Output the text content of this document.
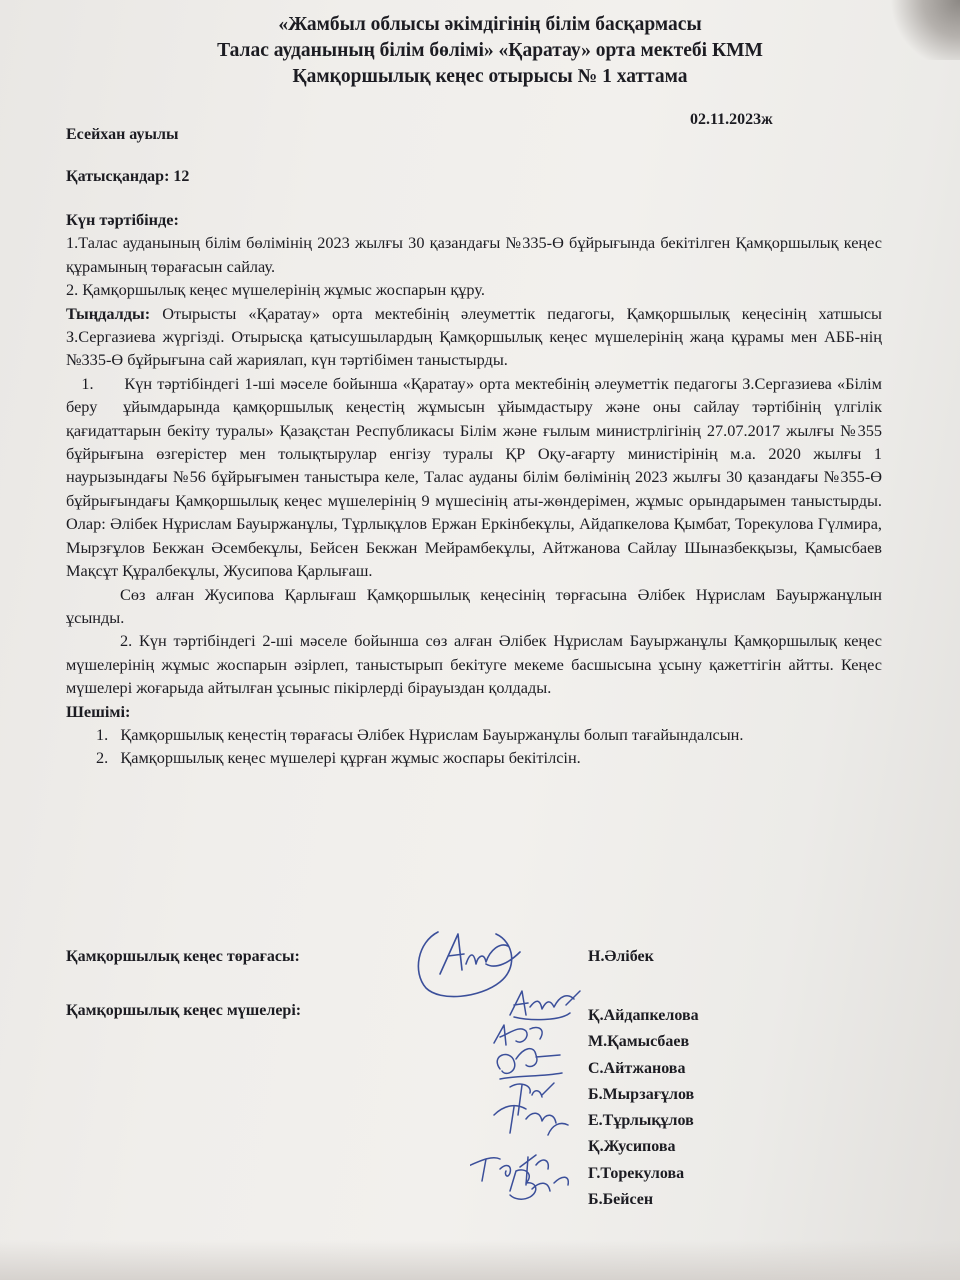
«Жамбыл облысы әкімдігінің білім басқармасы
Талас ауданының білім бөлімі» «Қаратау» орта мектебі КММ
Қамқоршылық кеңес отырысы № 1 хаттама
Есейхан ауылы
02.11.2023ж
Қатысқандар: 12

Күн тәртібінде:

1.Талас ауданының білім бөлімінің 2023 жылғы 30 қазандағы №335-Ө бұйрығында бекітілген Қамқоршылық кеңес құрамының төрағасын сайлау.

2. Қамқоршылық кеңес мүшелерінің жұмыс жоспарын құру.

Тыңдалды: Отырысты «Қаратау» орта мектебінің әлеуметтік педагогы, Қамқоршылық кеңесінің хатшысы З.Сергазиева жүргізді. Отырысқа қатысушылардың Қамқоршылық кеңес мүшелерінің жаңа құрамы мен АББ-нің №335-Ө бұйрығына сай жариялап, күн тәртібімен таныстырды.

1.      Күн тәртібіндегі 1-ші мәселе бойынша «Қаратау» орта мектебінің әлеуметтік педагогы З.Сергазиева «Білім беру  ұйымдарында қамқоршылық кеңестің жұмысын ұйымдастыру және оны сайлау тәртібінің үлгілік қағидаттарын бекіту туралы» Қазақстан Республикасы Білім және ғылым министрлігінің 27.07.2017 жылғы №355 бұйрығына өзгерістер мен толықтырулар енгізу туралы ҚР Оқу-ағарту министірінің м.а. 2020 жылғы 1 наурызындағы №56 бұйрығымен таныстыра келе, Талас ауданы білім бөлімінің 2023 жылғы 30 қазандағы №355-Ө бұйрығындағы Қамқоршылық кеңес мүшелерінің 9 мүшесінің аты-жөндерімен, жұмыс орындарымен таныстырды.  Олар: Әлібек Нұрислам Бауыржанұлы, Тұрлықұлов Ержан Еркінбекұлы, Айдапкелова Қымбат, Торекулова Гүлмира, Мырзғұлов Бекжан Әсембекұлы, Бейсен Бекжан Мейрамбекұлы, Айтжанова Сайлау Шыназбекқызы, Қамысбаев  Мақсұт Құралбекұлы, Жусипова Қарлығаш.

Сөз алған Жусипова Қарлығаш Қамқоршылық кеңесінің төрғасына Әлібек Нұрислам Бауыржанұлын ұсынды.

2. Күн тәртібіндегі 2-ші мәселе бойынша сөз алған Әлібек Нұрислам Бауыржанұлы Қамқоршылық кеңес мүшелерінің жұмыс жоспарын әзірлеп, таныстырып бекітуге мекеме басшысына ұсыну қажеттігін айтты. Кеңес мүшелері жоғарыда айтылған ұсыныс пікірлерді бірауыздан қолдады.

Шешімі:

1.   Қамқоршылық кеңестің төрағасы Әлібек Нұрислам Бауыржанұлы болып тағайындалсын.
2.   Қамқоршылық кеңес мүшелері құрған жұмыс жоспары бекітілсін.
Қамқоршылық кеңес төрағасы:	Н.Әлібек
Қамқоршылық кеңес мүшелері:	Қ.Айдапкелова
М.Қамысбаев
С.Айтжанова
Б.Мырзағұлов
Е.Тұрлықұлов
Қ.Жусипова
Г.Торекулова
Б.Бейсен
